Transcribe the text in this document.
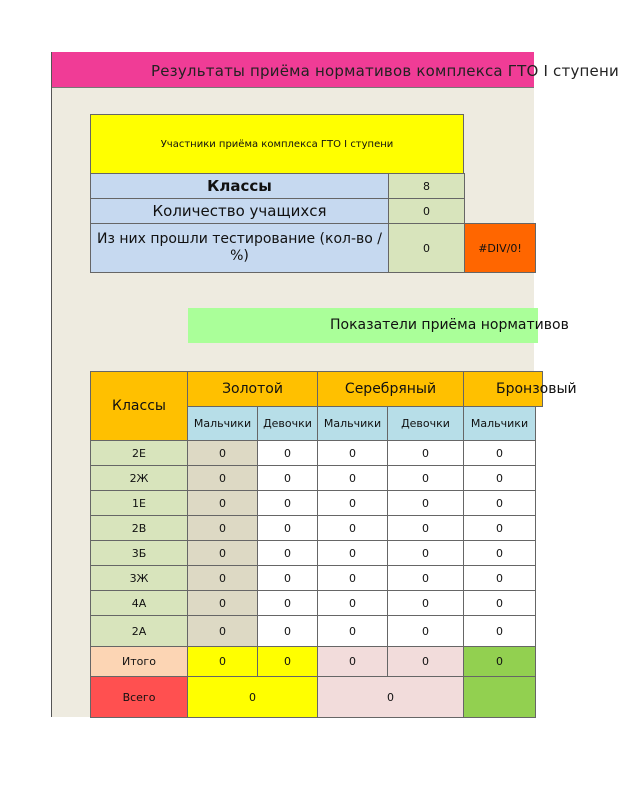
Результаты приёма нормативов комплекса ГТО I ступени
Участники приёма комплекса ГТО I ступени
Классы	8
Количество учащихся	0
Из них прошли тестирование (кол-во / %)	0	#DIV/0!
Показатели приёма нормативов
Классы
Золотой	Серебряный	Бронзовый
Мальчики	Девочки	Мальчики	Девочки	Мальчики
2Е	0	0	0	0	0
2Ж	0	0	0	0	0
1Е	0	0	0	0	0
2В	0	0	0	0	0
3Б	0	0	0	0	0
3Ж	0	0	0	0	0
4А	0	0	0	0	0
2А	0	0	0	0	0
Итого	0	0	0	0	0
Всего	0	0
